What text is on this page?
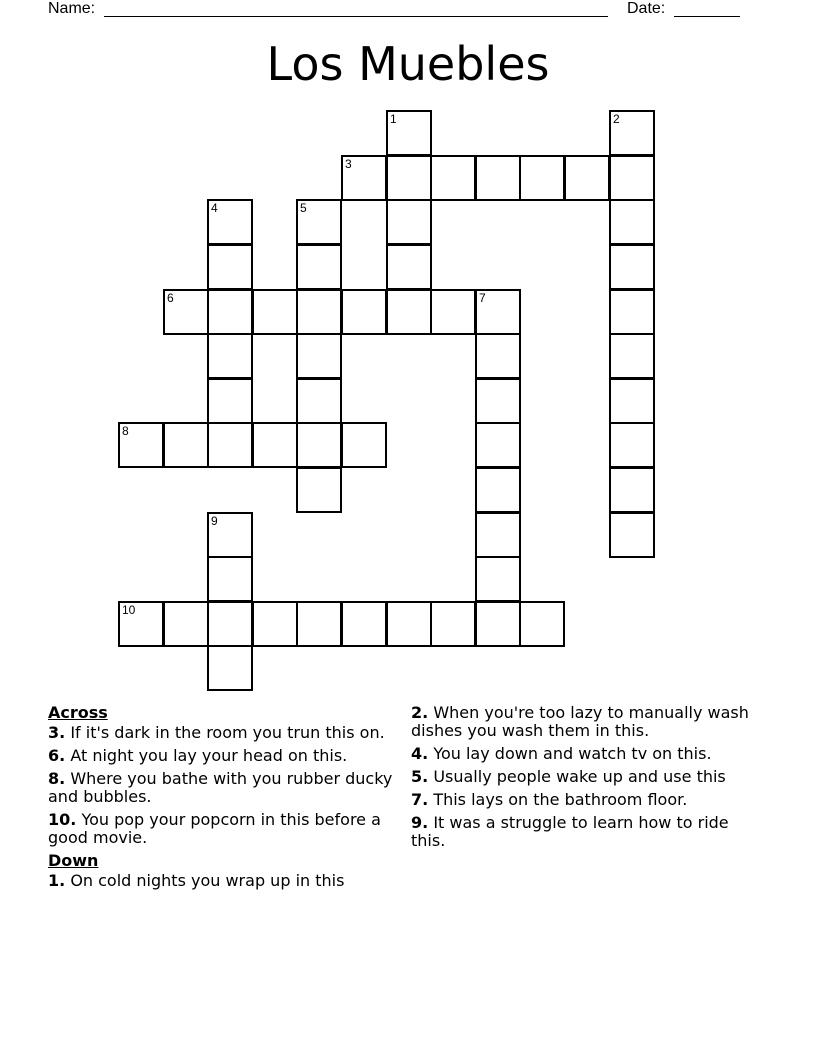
Name:	Date:
Los Muebles
1	2
3
4	5
6	7
8
9
10
Across
3. If it's dark in the room you trun this on.
6. At night you lay your head on this.
8. Where you bathe with you rubber ducky and bubbles.
10. You pop your popcorn in this before a good movie.
Down
1. On cold nights you wrap up in this
2. When you're too lazy to manually wash dishes you wash them in this.
4. You lay down and watch tv on this.
5. Usually people wake up and use this
7. This lays on the bathroom floor.
9. It was a struggle to learn how to ride this.
